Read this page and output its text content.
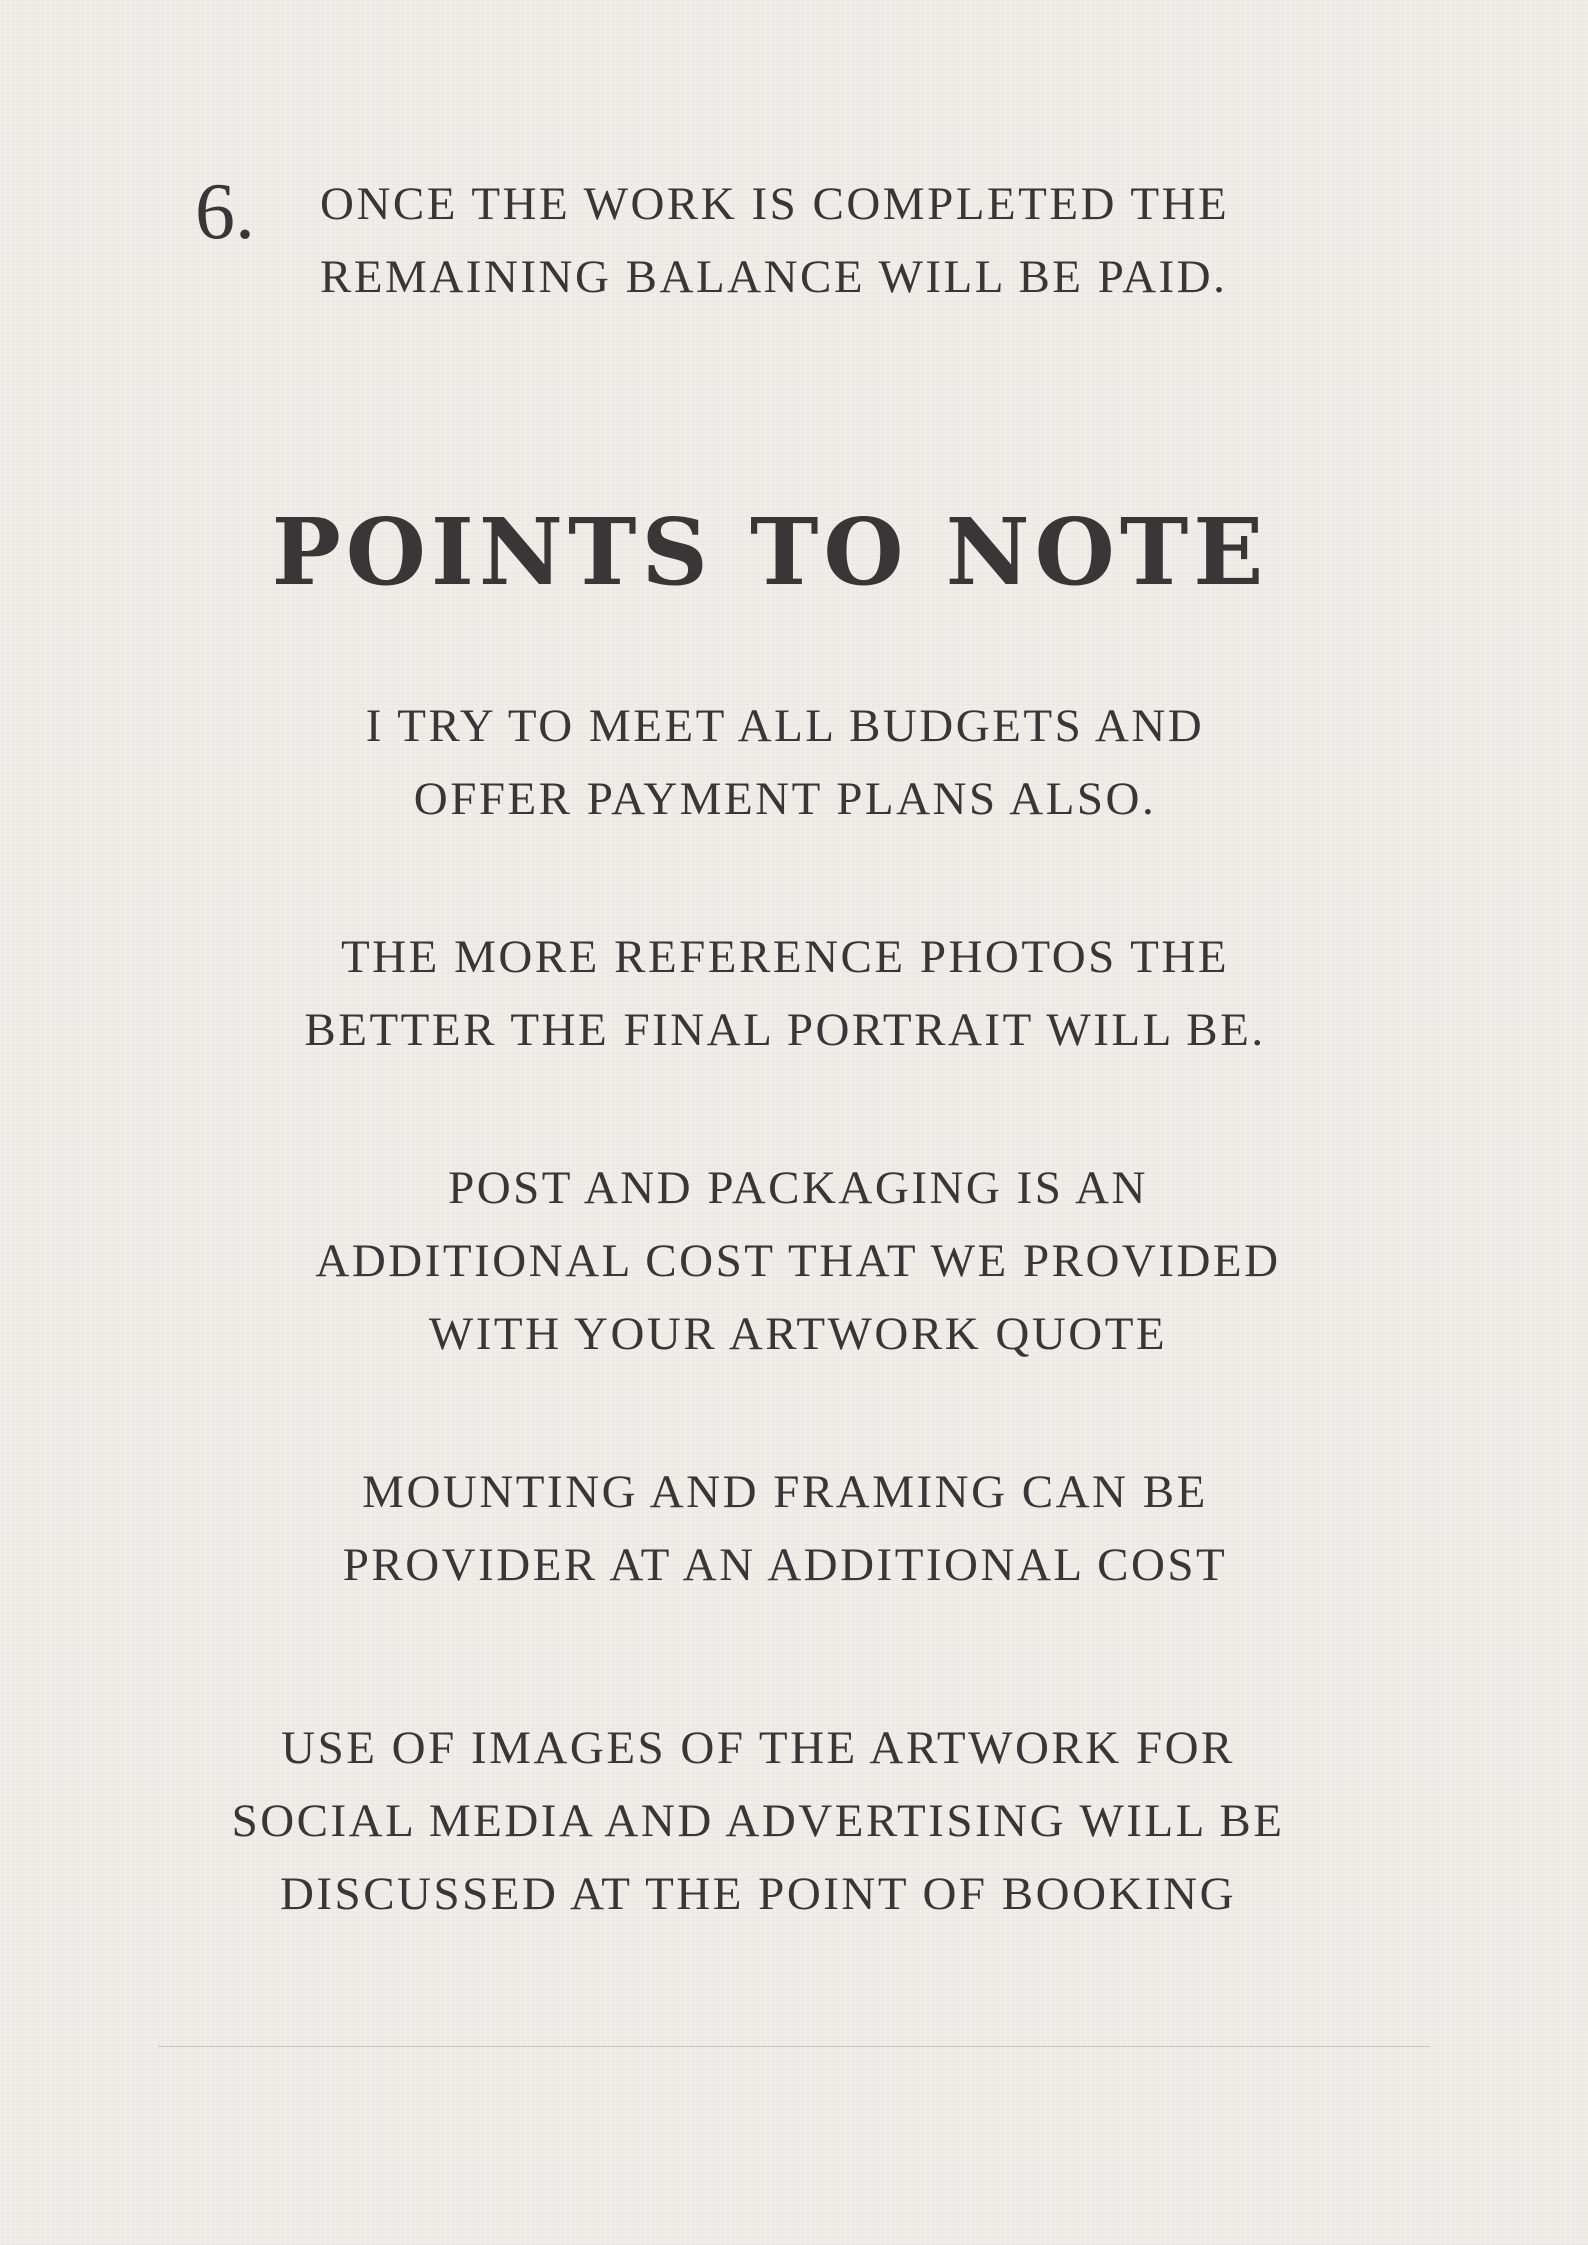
6. ONCE THE WORK IS COMPLETED THE
REMAINING BALANCE WILL BE PAID.
POINTS TO NOTE
I TRY TO MEET ALL BUDGETS AND
OFFER PAYMENT PLANS ALSO.
THE MORE REFERENCE PHOTOS THE
BETTER THE FINAL PORTRAIT WILL BE.
POST AND PACKAGING IS AN
ADDITIONAL COST THAT WE PROVIDED
WITH YOUR ARTWORK QUOTE
MOUNTING AND FRAMING CAN BE
PROVIDER AT AN ADDITIONAL COST
USE OF IMAGES OF THE ARTWORK FOR
SOCIAL MEDIA AND ADVERTISING WILL BE
DISCUSSED AT THE POINT OF BOOKING
